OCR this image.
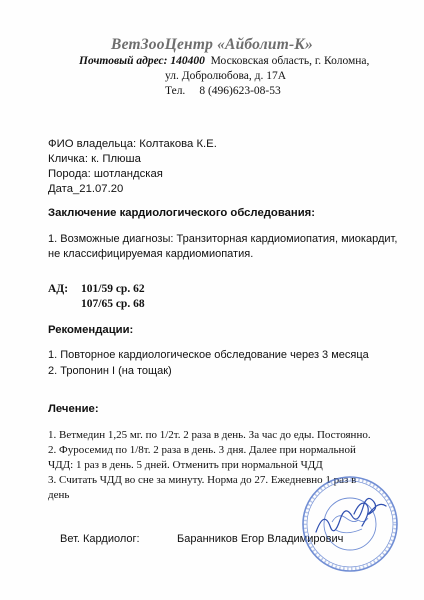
ВетЗооЦентр «Айболит-К»
Почтовый адрес: 140400 Московская область, г. Коломна,
ул. Добролюбова, д. 17А
Тел. 8 (496)623-08-53
ФИО владельца: Колтакова К.Е.
Кличка: к. Плюша
Порода: шотландская
Дата_21.07.20
Заключение кардиологического обследования:
1. Возможные диагнозы: Транзиторная кардиомиопатия, миокардит,
не классифицируемая кардиомиопатия.
АД: 101/59 ср. 62
107/65 ср. 68
Рекомендации:
1. Повторное кардиологическое обследование через 3 месяца
2. Тропонин I (на тощак)
Лечение:
1. Ветмедин 1,25 мг. по 1/2т. 2 раза в день. За час до еды. Постоянно.
2. Фуросемид по 1/8т. 2 раза в день. 3 дня. Далее при нормальной
ЧДД: 1 раз в день. 5 дней. Отменить при нормальной ЧДД
3. Считать ЧДД во сне за минуту. Норма до 27. Ежедневно 1 раз в
день
Вет. Кардиолог:	Баранников Егор Владимирович
